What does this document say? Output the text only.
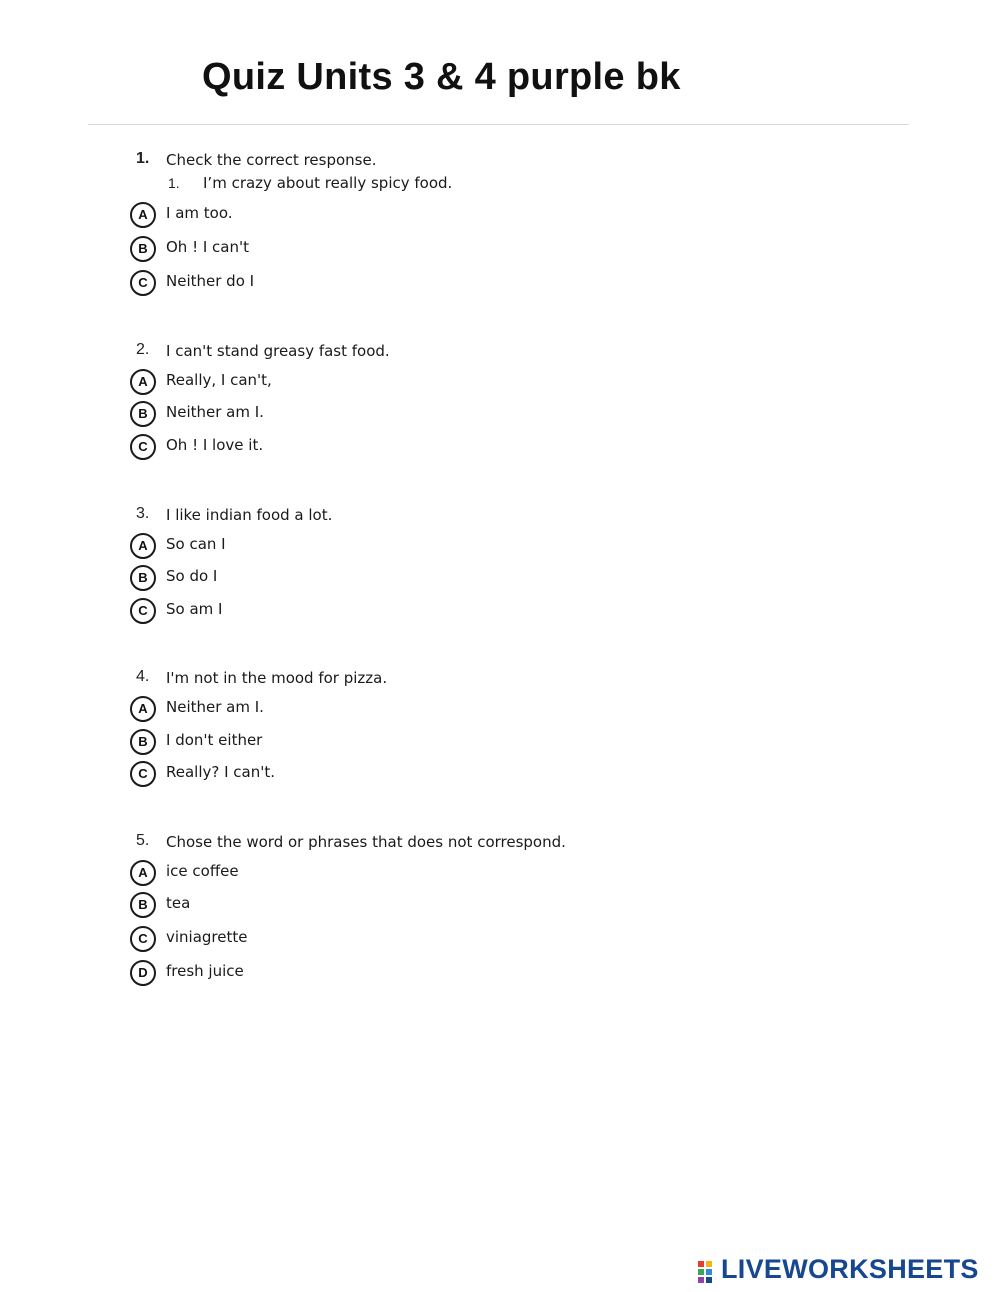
Quiz Units 3 & 4 purple bk
1.	Check the correct response.
1. I’m crazy about really spicy food.
A	I am too.
B	Oh ! I can't
C	Neither do I
2.	I can't stand greasy fast food.
A	Really, I can't,
B	Neither am I.
C	Oh ! I love it.
3.	I like indian food a lot.
A	So can I
B	So do I
C	So am I
4.	I'm not in the mood for pizza.
A	Neither am I.
B	I don't either
C	Really? I can't.
5.	Chose the word or phrases that does not correspond.
A	ice coffee
B	tea
C	viniagrette
D	fresh juice
LIVEWORKSHEETS
